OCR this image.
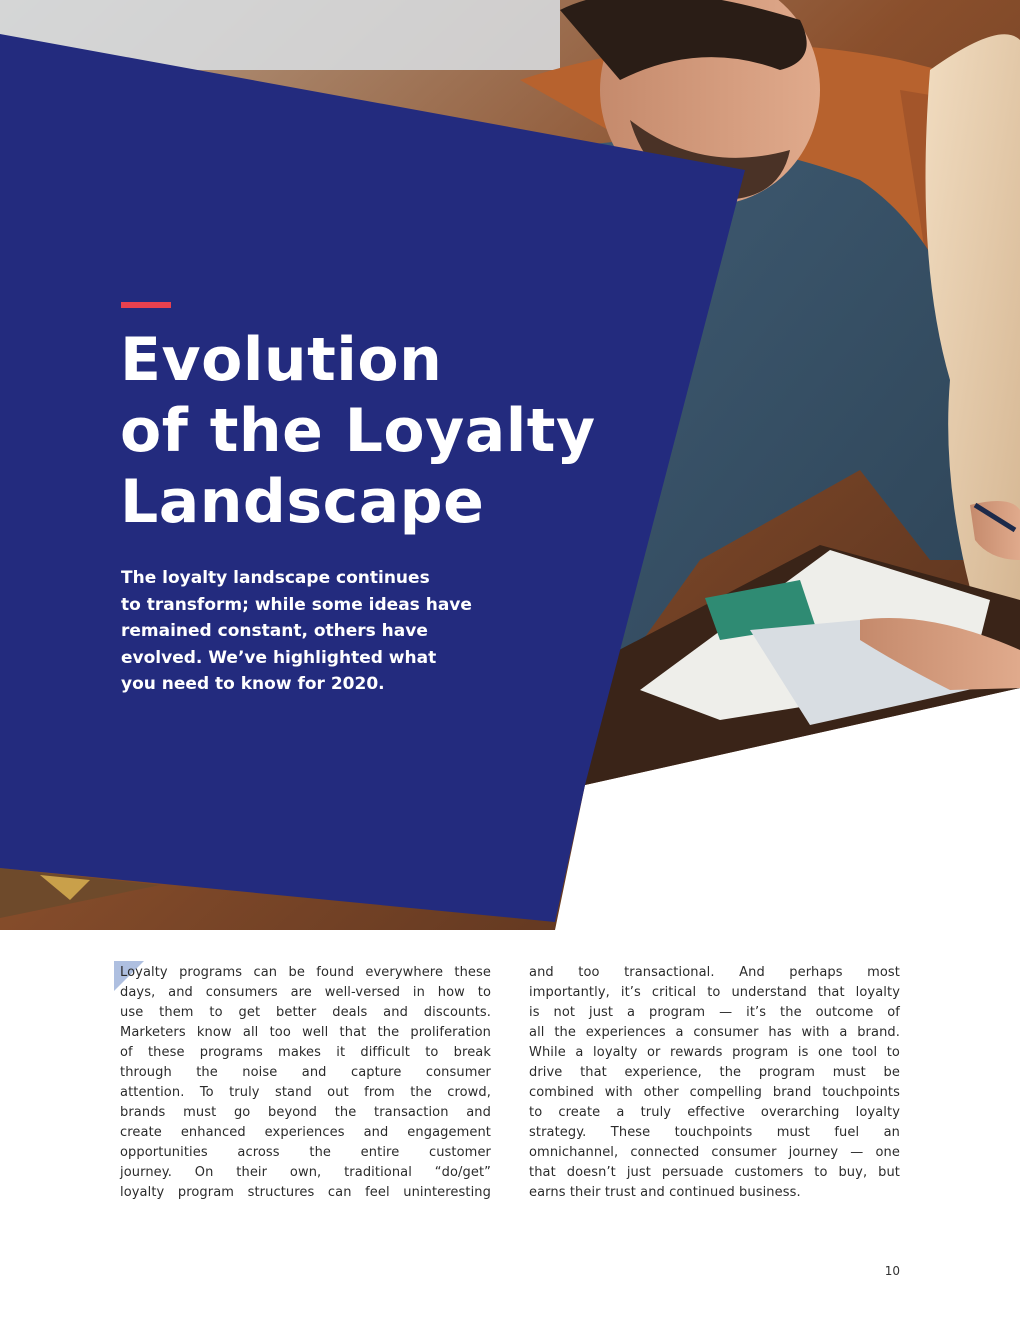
Evolution
of the Loyalty
Landscape

The loyalty landscape continues
to transform; while some ideas have
remained constant, others have
evolved. We’ve highlighted what
you need to know for 2020.

Loyalty programs can be found everywhere these
days, and consumers are well-versed in how to
use them to get better deals and discounts.
Marketers know all too well that the proliferation
of these programs makes it difficult to break
through the noise and capture consumer
attention. To truly stand out from the crowd,
brands must go beyond the transaction and
create enhanced experiences and engagement
opportunities across the entire customer
journey. On their own, traditional “do/get”
loyalty program structures can feel uninteresting

and too transactional. And perhaps most
importantly, it’s critical to understand that loyalty
is not just a program — it’s the outcome of
all the experiences a consumer has with a brand.
While a loyalty or rewards program is one tool to
drive that experience, the program must be
combined with other compelling brand touchpoints
to create a truly effective overarching loyalty
strategy. These touchpoints must fuel an
omnichannel, connected consumer journey — one
that doesn’t just persuade customers to buy, but
earns their trust and continued business.

10
